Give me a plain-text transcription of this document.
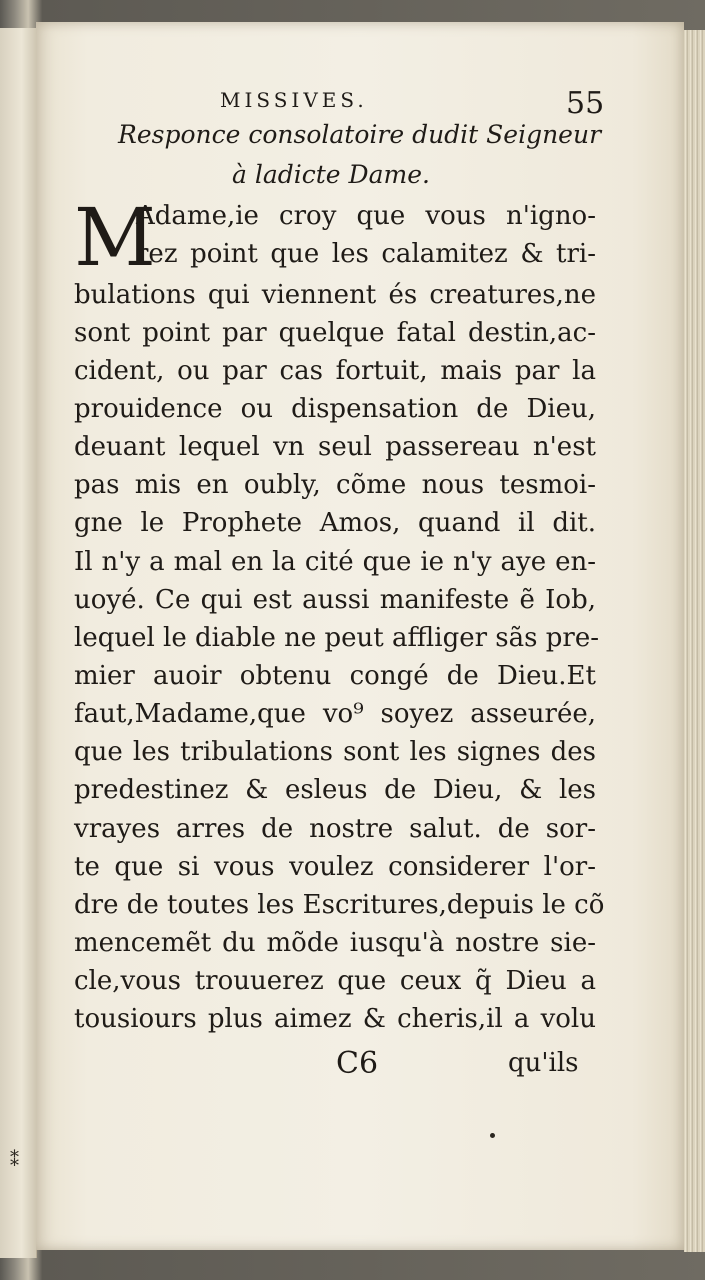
MISSIVES.	55
Responce consolatoire dudit Seigneur
à ladicte Dame.
M
Adame,ie croy que vous n'igno-
rez point que les calamitez & tri-
bulations qui viennent és creatures,ne
sont point par quelque fatal destin,ac-
cident, ou par cas fortuit, mais par la
prouidence ou dispensation de Dieu,
deuant lequel vn seul passereau n'est
pas mis en oubly, cõme nous tesmoi-
gne le Prophete Amos, quand il dit.
Il n'y a mal en la cité que ie n'y aye en-
uoyé. Ce qui est aussi manifeste ẽ Iob,
lequel le diable ne peut affliger sãs pre-
mier auoir obtenu congé de Dieu.Et
faut,Madame,que vo⁹ soyez asseurée,
que les tribulations sont les signes des
predestinez & esleus de Dieu, & les
vrayes arres de nostre salut. de sor-
te que si vous voulez considerer l'or-
dre de toutes les Escritures,depuis le cõ
mencemẽt du mõde iusqu'à nostre sie-
cle,vous trouuerez que ceux q̃ Dieu a
tousiours plus aimez & cheris,il a volu
C6	qu'ils
⁑
